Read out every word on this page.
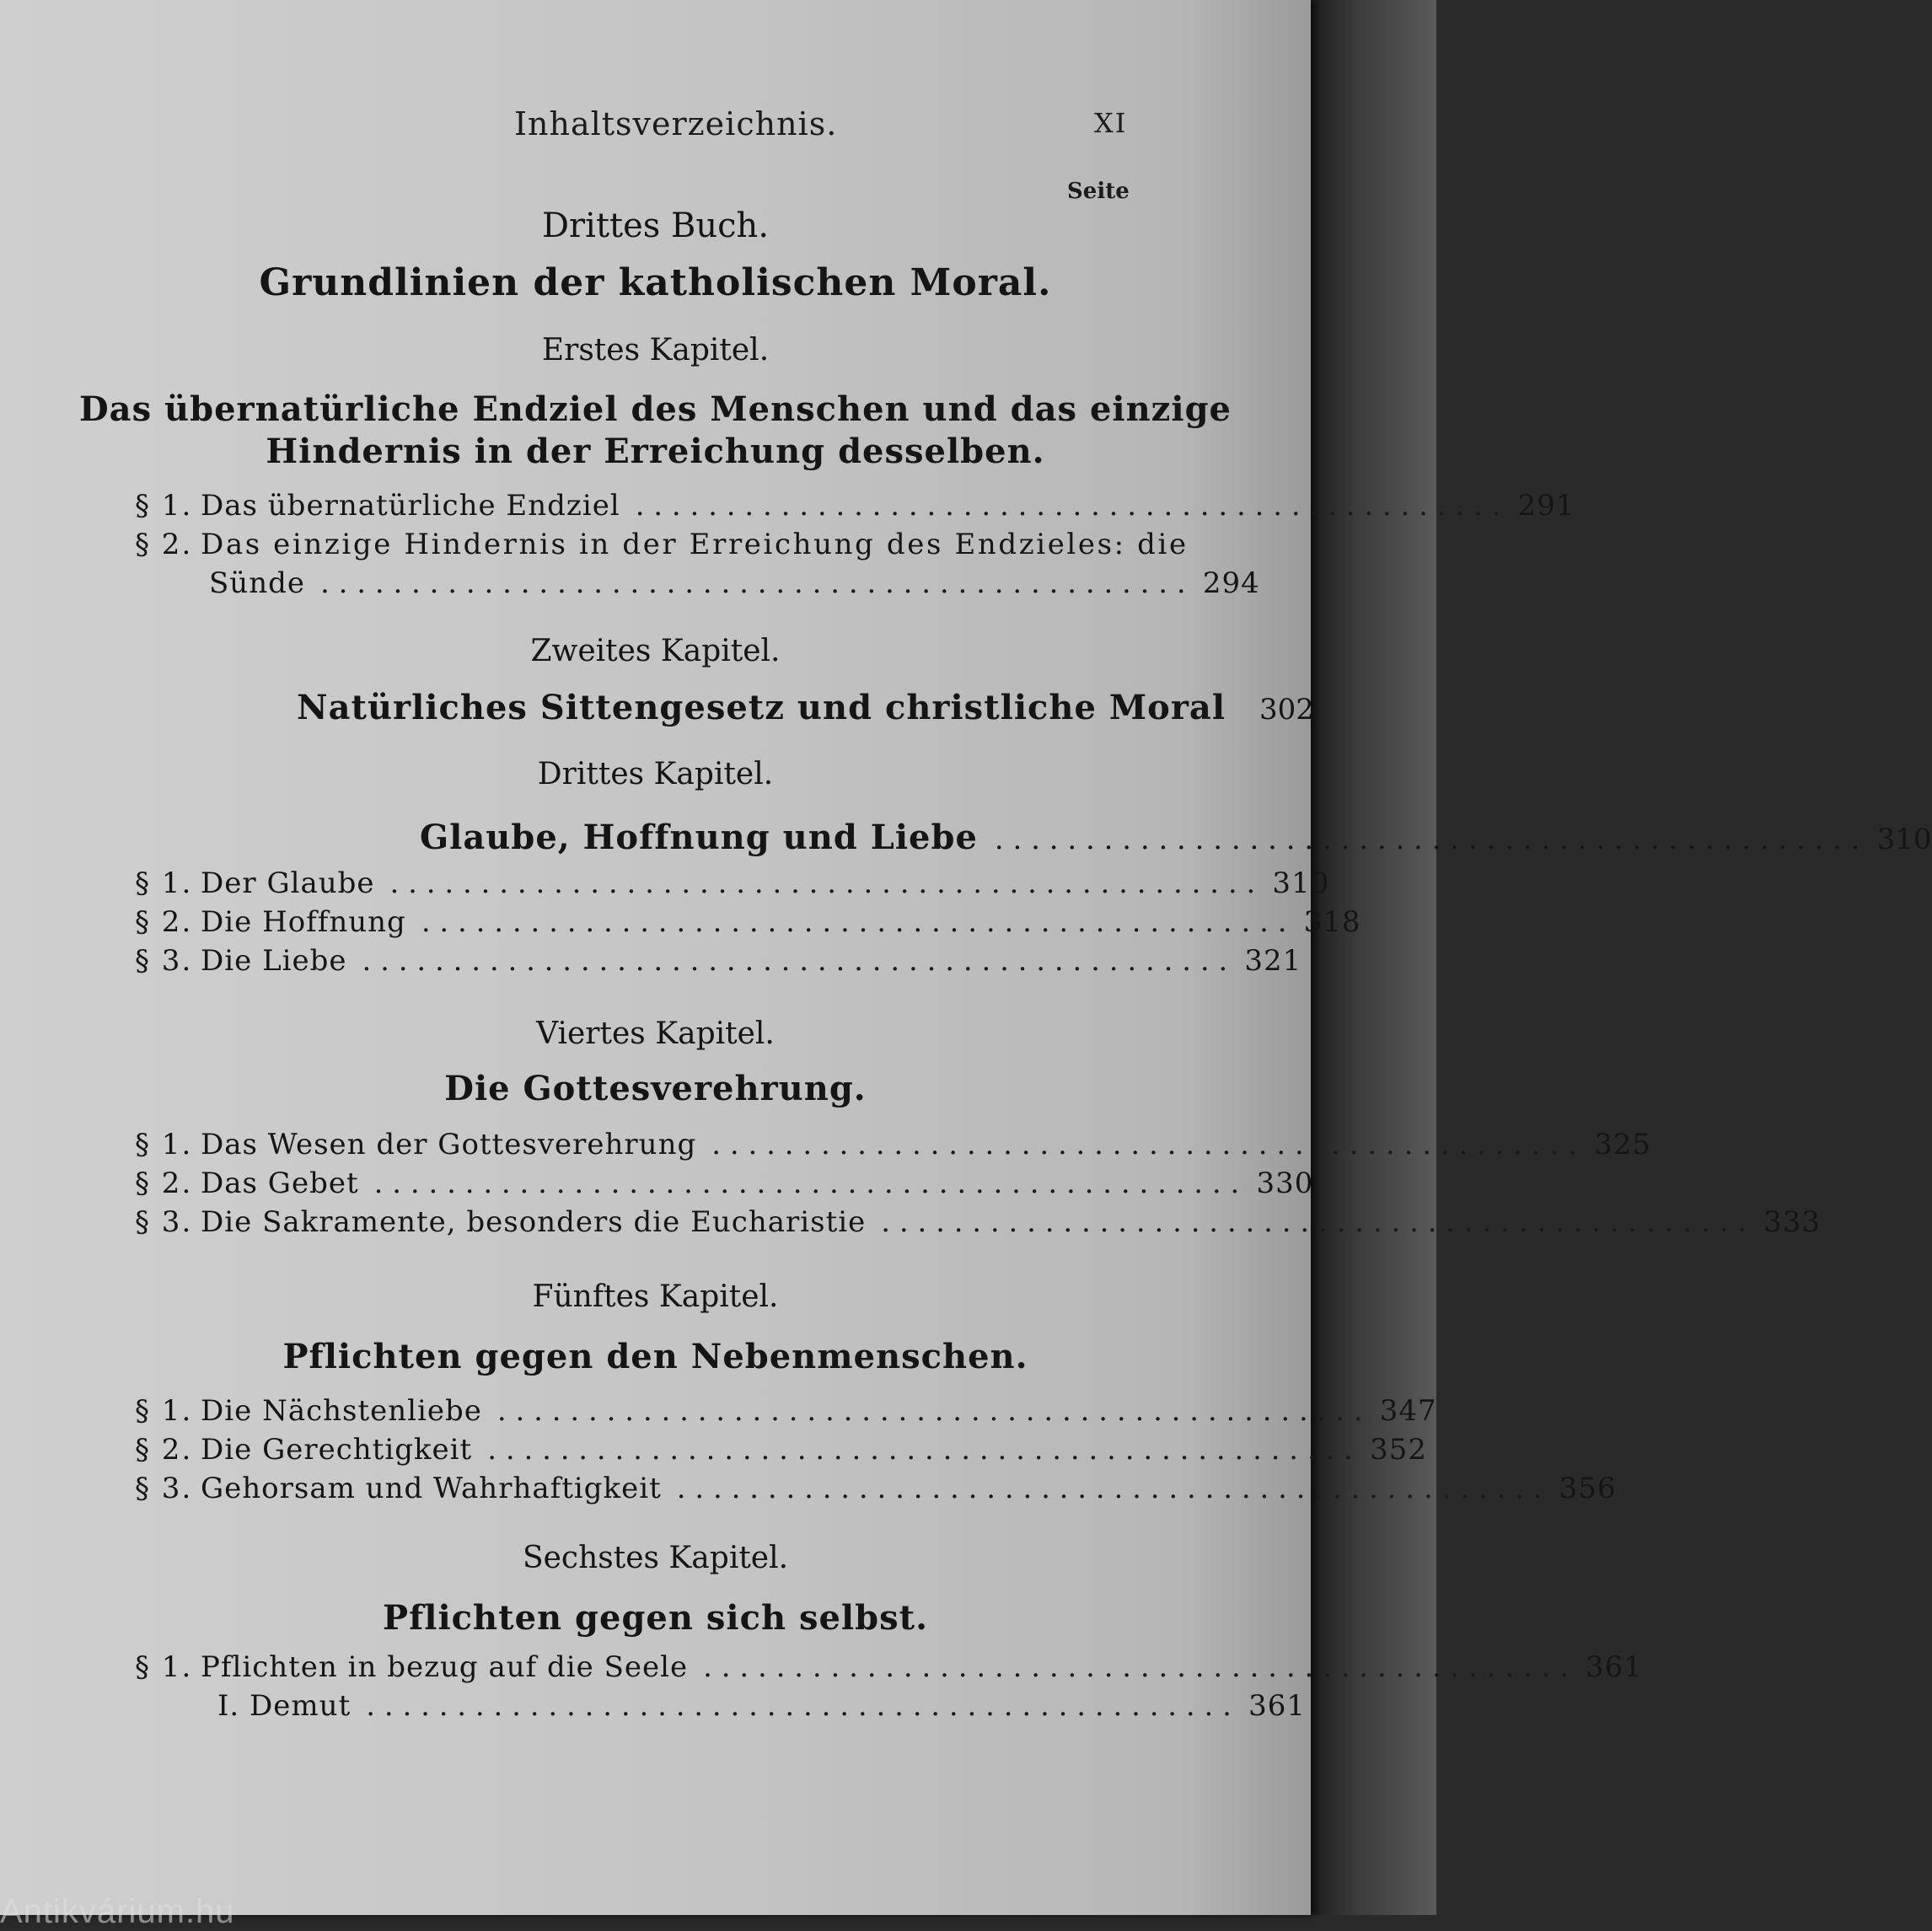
Inhaltsverzeichnis.	XI
Seite
Drittes Buch.
Grundlinien der katholischen Moral.
Erstes Kapitel.
Das übernatürliche Endziel des Menschen und das einzige
Hindernis in der Erreichung desselben.
§ 1. Das übernatürliche Endziel . . . . . . . . . . . . . . . . . . . . . . . . . . . . . . . . . . . . . . . . . . . . . . . . 291
§ 2. Das einzige Hindernis in der Erreichung des Endzieles: die
Sünde . . . . . . . . . . . . . . . . . . . . . . . . . . . . . . . . . . . . . . . . . . . . . . . . 294
Zweites Kapitel.
Natürliches Sittengesetz und christliche Moral 302
Drittes Kapitel.
Glaube, Hoffnung und Liebe . . . . . . . . . . . . . . . . . . . . . . . . . . . . . . . . . . . . . . . . . . . . . . . . 310
§ 1. Der Glaube . . . . . . . . . . . . . . . . . . . . . . . . . . . . . . . . . . . . . . . . . . . . . . . . 310
§ 2. Die Hoffnung . . . . . . . . . . . . . . . . . . . . . . . . . . . . . . . . . . . . . . . . . . . . . . . . 318
§ 3. Die Liebe . . . . . . . . . . . . . . . . . . . . . . . . . . . . . . . . . . . . . . . . . . . . . . . . 321
Viertes Kapitel.
Die Gottesverehrung.
§ 1. Das Wesen der Gottesverehrung . . . . . . . . . . . . . . . . . . . . . . . . . . . . . . . . . . . . . . . . . . . . . . . . 325
§ 2. Das Gebet . . . . . . . . . . . . . . . . . . . . . . . . . . . . . . . . . . . . . . . . . . . . . . . . 330
§ 3. Die Sakramente, besonders die Eucharistie . . . . . . . . . . . . . . . . . . . . . . . . . . . . . . . . . . . . . . . . . . . . . . . . 333
Fünftes Kapitel.
Pflichten gegen den Nebenmenschen.
§ 1. Die Nächstenliebe . . . . . . . . . . . . . . . . . . . . . . . . . . . . . . . . . . . . . . . . . . . . . . . . 347
§ 2. Die Gerechtigkeit . . . . . . . . . . . . . . . . . . . . . . . . . . . . . . . . . . . . . . . . . . . . . . . . 352
§ 3. Gehorsam und Wahrhaftigkeit . . . . . . . . . . . . . . . . . . . . . . . . . . . . . . . . . . . . . . . . . . . . . . . . 356
Sechstes Kapitel.
Pflichten gegen sich selbst.
§ 1. Pflichten in bezug auf die Seele . . . . . . . . . . . . . . . . . . . . . . . . . . . . . . . . . . . . . . . . . . . . . . . . 361
I. Demut . . . . . . . . . . . . . . . . . . . . . . . . . . . . . . . . . . . . . . . . . . . . . . . . 361
Antikvárium.hu
